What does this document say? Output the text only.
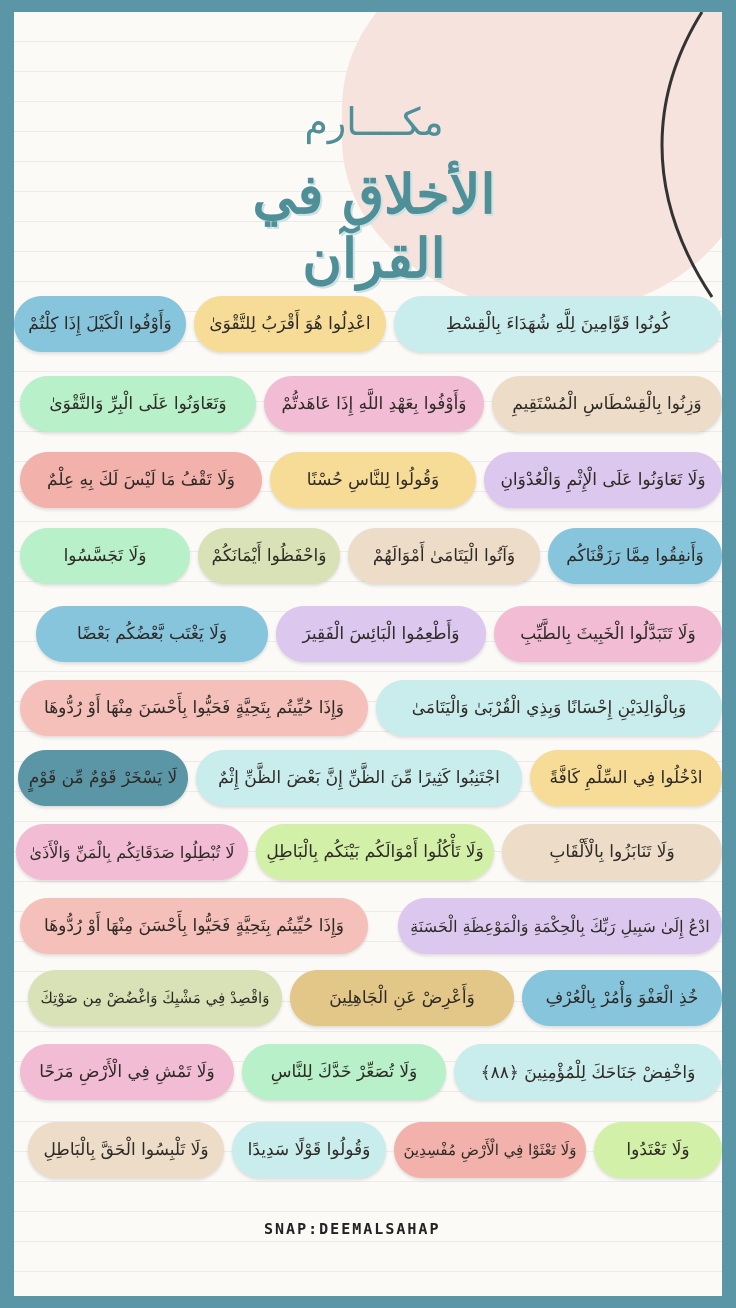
مكــــارم
الأخلاق في القرآن
كُونُوا قَوَّامِينَ لِلَّهِ شُهَدَاءَ بِالْقِسْطِ
اعْدِلُوا هُوَ أَقْرَبُ لِلتَّقْوَىٰ
وَأَوْفُوا الْكَيْلَ إِذَا كِلْتُمْ
وَزِنُوا بِالْقِسْطَاسِ الْمُسْتَقِيمِ
وَأَوْفُوا بِعَهْدِ اللَّهِ إِذَا عَاهَدتُّمْ
وَتَعَاوَنُوا عَلَى الْبِرِّ وَالتَّقْوَىٰ
وَلَا تَعَاوَنُوا عَلَى الْإِثْمِ وَالْعُدْوَانِ
وَقُولُوا لِلنَّاسِ حُسْنًا
وَلَا تَقْفُ مَا لَيْسَ لَكَ بِهِ عِلْمٌ
وَأَنفِقُوا مِمَّا رَزَقْنَاكُم
وَآتُوا الْيَتَامَىٰ أَمْوَالَهُمْ
وَاحْفَظُوا أَيْمَانَكُمْ
وَلَا تَجَسَّسُوا
وَلَا تَتَبَدَّلُوا الْخَبِيثَ بِالطَّيِّبِ
وَأَطْعِمُوا الْبَائِسَ الْفَقِيرَ
وَلَا يَغْتَب بَّعْضُكُم بَعْضًا
وَبِالْوَالِدَيْنِ إِحْسَانًا وَبِذِي الْقُرْبَىٰ وَالْيَتَامَىٰ
وَإِذَا حُيِّيتُم بِتَحِيَّةٍ فَحَيُّوا بِأَحْسَنَ مِنْهَا أَوْ رُدُّوهَا
ادْخُلُوا فِي السِّلْمِ كَافَّةً
اجْتَنِبُوا كَثِيرًا مِّنَ الظَّنِّ إِنَّ بَعْضَ الظَّنِّ إِثْمٌ
لَا يَسْخَرْ قَوْمٌ مِّن قَوْمٍ
وَلَا تَنَابَزُوا بِالْأَلْقَابِ
وَلَا تَأْكُلُوا أَمْوَالَكُم بَيْنَكُم بِالْبَاطِلِ
لَا تُبْطِلُوا صَدَقَاتِكُم بِالْمَنِّ وَالْأَذَىٰ
ادْعُ إِلَىٰ سَبِيلِ رَبِّكَ بِالْحِكْمَةِ وَالْمَوْعِظَةِ الْحَسَنَةِ
وَإِذَا حُيِّيتُم بِتَحِيَّةٍ فَحَيُّوا بِأَحْسَنَ مِنْهَا أَوْ رُدُّوهَا
خُذِ الْعَفْوَ وَأْمُرْ بِالْعُرْفِ
وَأَعْرِضْ عَنِ الْجَاهِلِينَ
وَاقْصِدْ فِي مَشْيِكَ وَاغْضُضْ مِن صَوْتِكَ
وَاخْفِضْ جَنَاحَكَ لِلْمُؤْمِنِينَ ﴿٨٨﴾
وَلَا تُصَعِّرْ خَدَّكَ لِلنَّاسِ
وَلَا تَمْشِ فِي الْأَرْضِ مَرَحًا
وَلَا تَعْتَدُوا
وَلَا تَعْثَوْا فِي الْأَرْضِ مُفْسِدِينَ
وَقُولُوا قَوْلًا سَدِيدًا
وَلَا تَلْبِسُوا الْحَقَّ بِالْبَاطِلِ
SNAP:DEEMALSAHAP
